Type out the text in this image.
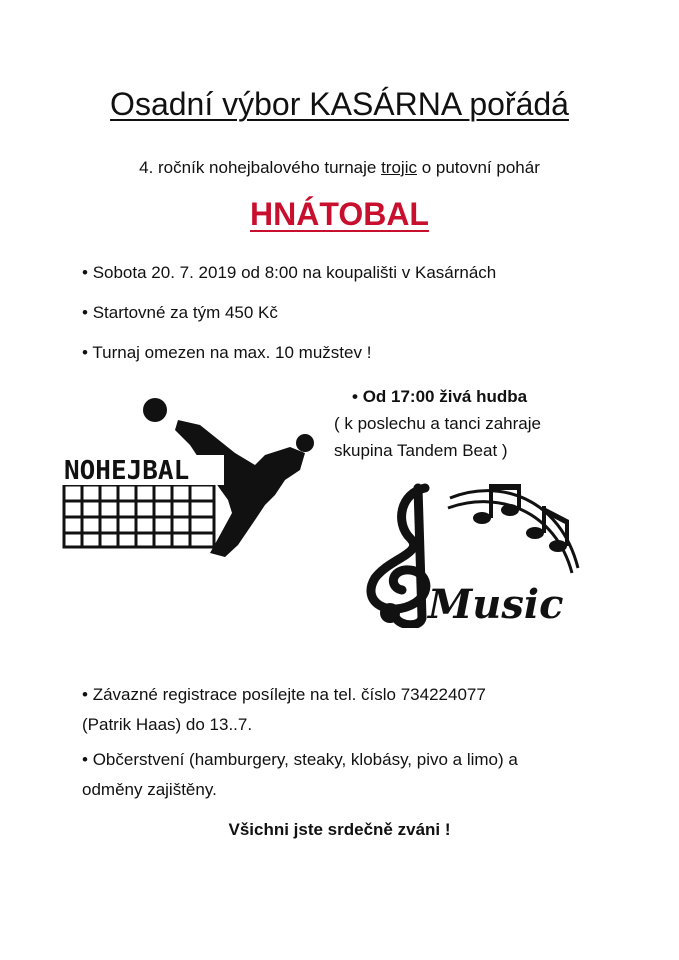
Osadní výbor KASÁRNA pořádá
4. ročník nohejbalového turnaje trojic o putovní pohár
HNÁTOBAL
• Sobota 20. 7. 2019 od 8:00 na koupališti v Kasárnách
• Startovné za tým 450 Kč
• Turnaj omezen na max. 10 mužstev !
• Od 17:00 živá hudba
( k poslechu a tanci zahraje
skupina Tandem Beat )
NOHEJBAL
Music
• Závazné registrace posílejte na tel. číslo 734224077
(Patrik Haas) do 13..7.
• Občerstvení (hamburgery, steaky, klobásy, pivo a limo) a
odměny zajištěny.
Všichni jste srdečně zváni !
